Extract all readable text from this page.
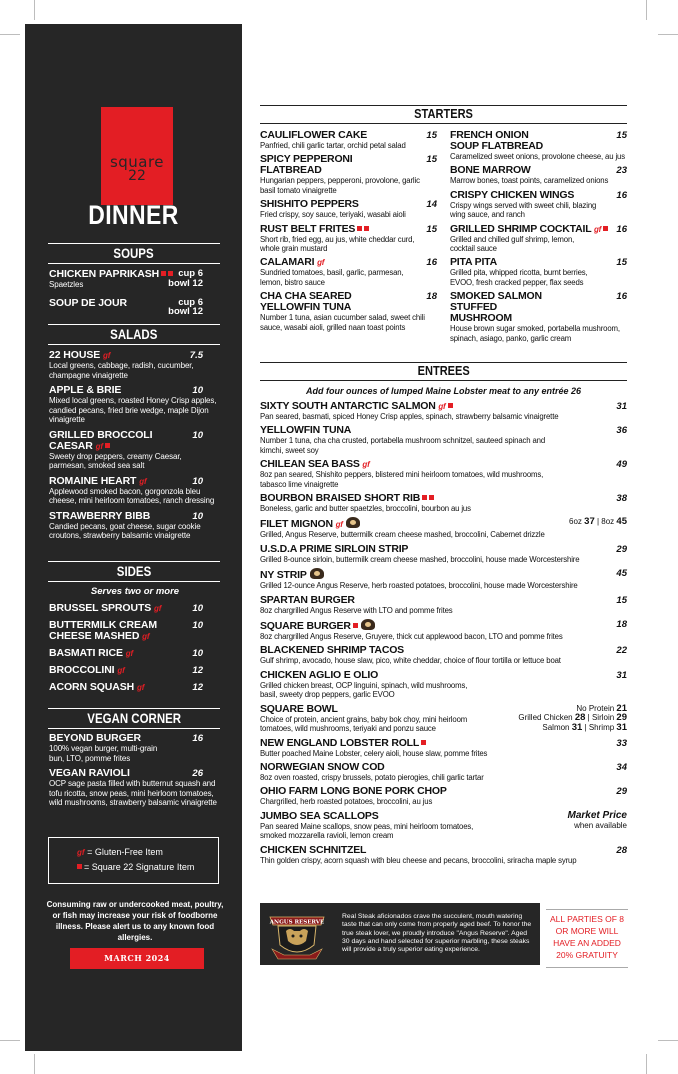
square
22
DINNER
SOUPS
CHICKEN PAPRIKASH
Spaetzles
cup 6
bowl 12
SOUP DE JOUR	cup 6
bowl 12
SALADS
22 HOUSE gf
Local greens, cabbage, radish, cucumber, champagne vinaigrette
7.5
APPLE & BRIE
Mixed local greens, roasted Honey Crisp apples, candied pecans, fried brie wedge, maple Dijon vinaigrette
10
GRILLED BROCCOLI CAESAR gf
Sweety drop peppers, creamy Caesar, parmesan, smoked sea salt
10
ROMAINE HEART gf
Applewood smoked bacon, gorgonzola bleu cheese, mini heirloom tomatoes, ranch dressing
10
STRAWBERRY BIBB
Candied pecans, goat cheese, sugar cookie croutons, strawberry balsamic vinaigrette
10
SIDES
Serves two or more
BRUSSEL SPROUTS gf	10
BUTTERMILK CREAM CHEESE MASHED gf
10
BASMATI RICE gf	10
BROCCOLINI gf	12
ACORN SQUASH gf	12
VEGAN CORNER
BEYOND BURGER
100% vegan burger, multi-grain bun, LTO, pomme frites
16
VEGAN RAVIOLI
OCP sage pasta filled with butternut squash and tofu ricotta, snow peas, mini heirloom tomatoes, wild mushrooms, strawberry balsamic vinaigrette
26
gf = Gluten-Free Item
= Square 22 Signature Item
Consuming raw or undercooked meat, poultry, or fish may increase your risk of foodborne illness. Please alert us to any known food allergies.
MARCH 2024
STARTERS
CAULIFLOWER CAKE
Panfried, chili garlic tartar, orchid petal salad
15
SPICY PEPPERONI FLATBREAD
Hungarian peppers, pepperoni, provolone, garlic basil tomato vinaigrette
15
SHISHITO PEPPERS
Fried crispy, soy sauce, teriyaki, wasabi aioli
14
RUST BELT FRITES
Short rib, fried egg, au jus, white cheddar curd, whole grain mustard
15
CALAMARI gf
Sundried tomatoes, basil, garlic, parmesan, lemon, bistro sauce
16
CHA CHA SEARED YELLOWFIN TUNA
Number 1 tuna, asian cucumber salad, sweet chili sauce, wasabi aioli, grilled naan toast points
18
FRENCH ONION SOUP FLATBREAD
Caramelized sweet onions, provolone cheese, au jus
15
BONE MARROW
Marrow bones, toast points, caramelized onions
23
CRISPY CHICKEN WINGS
Crispy wings served with sweet chili, blazing wing sauce, and ranch
16
GRILLED SHRIMP COCKTAIL gf
Grilled and chilled gulf shrimp, lemon, cocktail sauce
16
PITA PITA
Grilled pita, whipped ricotta, burnt berries, EVOO, fresh cracked pepper, flax seeds
15
SMOKED SALMON STUFFED MUSHROOM
House brown sugar smoked, portabella mushroom, spinach, asiago, panko, garlic cream
16
ENTREES
Add four ounces of lumped Maine Lobster meat to any entrée 26
SIXTY SOUTH ANTARCTIC SALMON gf
Pan seared, basmati, spiced Honey Crisp apples, spinach, strawberry balsamic vinaigrette
31
YELLOWFIN TUNA
Number 1 tuna, cha cha crusted, portabella mushroom schnitzel, sauteed spinach and kimchi, sweet soy
36
CHILEAN SEA BASS gf
8oz pan seared, Shishito peppers, blistered mini heirloom tomatoes, wild mushrooms, tabasco lime vinaigrette
49
BOURBON BRAISED SHORT RIB
Boneless, garlic and butter spaetzles, broccolini, bourbon au jus
38
FILET MIGNON gf
Grilled, Angus Reserve, buttermilk cream cheese mashed, broccolini, Cabernet drizzle
6oz 37 | 8oz 45
U.S.D.A PRIME SIRLOIN STRIP
Grilled 8-ounce sirloin, buttermilk cream cheese mashed, broccolini, house made Worcestershire
29
NY STRIP
Grilled 12-ounce Angus Reserve, herb roasted potatoes, broccolini, house made Worcestershire
45
SPARTAN BURGER
8oz chargrilled Angus Reserve with LTO and pomme frites
15
SQUARE BURGER
8oz chargrilled Angus Reserve, Gruyere, thick cut applewood bacon, LTO and pomme frites
18
BLACKENED SHRIMP TACOS
Gulf shrimp, avocado, house slaw, pico, white cheddar, choice of flour tortilla or lettuce boat
22
CHICKEN AGLIO E OLIO
Grilled chicken breast, OCP linguini, spinach, wild mushrooms, basil, sweety drop peppers, garlic EVOO
31
SQUARE BOWL
Choice of protein, ancient grains, baby bok choy, mini heirloom tomatoes, wild mushrooms, teriyaki and ponzu sauce
No Protein 21
Grilled Chicken 28 | Sirloin 29
Salmon 31 | Shrimp 31
NEW ENGLAND LOBSTER ROLL
Butter poached Maine Lobster, celery aioli, house slaw, pomme frites
33
NORWEGIAN SNOW COD
8oz oven roasted, crispy brussels, potato pierogies, chili garlic tartar
34
OHIO FARM LONG BONE PORK CHOP
Chargrilled, herb roasted potatoes, broccolini, au jus
29
JUMBO SEA SCALLOPS
Pan seared Maine scallops, snow peas, mini heirloom tomatoes, smoked mozzarella ravioli, lemon cream
Market Price
when available
CHICKEN SCHNITZEL
Thin golden crispy, acorn squash with bleu cheese and pecans, broccolini, sriracha maple syrup
28
ANGUS RESERVE
Real Steak aficionados crave the succulent, mouth watering taste that can only come from properly aged beef. To honor the true steak lover, we proudly introduce "Angus Reserve". Aged 30 days and hand selected for superior marbling, these steaks will provide a truly superior eating experience.
ALL PARTIES OF 8 OR MORE WILL HAVE AN ADDED 20% GRATUITY
